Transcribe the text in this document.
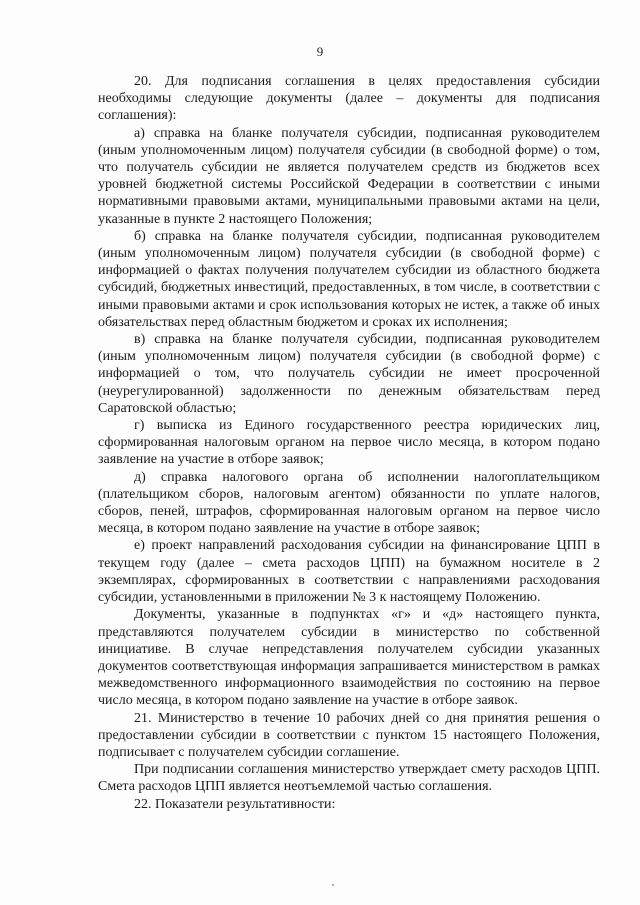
9

20. Для подписания соглашения в целях предоставления субсидии необходимы следующие документы (далее – документы для подписания соглашения):

а) справка на бланке получателя субсидии, подписанная руководителем (иным уполномоченным лицом) получателя субсидии (в свободной форме) о том, что получатель субсидии не является получателем средств из бюджетов всех уровней бюджетной системы Российской Федерации в соответствии с иными нормативными правовыми актами, муниципальными правовыми актами на цели, указанные в пункте 2 настоящего Положения;

б) справка на бланке получателя субсидии, подписанная руководителем (иным уполномоченным лицом) получателя субсидии (в свободной форме) с информацией о фактах получения получателем субсидии из областного бюджета субсидий, бюджетных инвестиций, предоставленных, в том числе, в соответствии с иными правовыми актами и срок использования которых не истек, а также об иных обязательствах перед областным бюджетом и сроках их исполнения;

в) справка на бланке получателя субсидии, подписанная руководителем (иным уполномоченным лицом) получателя субсидии (в свободной форме) с информацией о том, что получатель субсидии не имеет просроченной (неурегулированной) задолженности по денежным обязательствам перед Саратовской областью;

г) выписка из Единого государственного реестра юридических лиц, сформированная налоговым органом на первое число месяца, в котором подано заявление на участие в отборе заявок;

д) справка налогового органа об исполнении налогоплательщиком (плательщиком сборов, налоговым агентом) обязанности по уплате налогов, сборов, пеней, штрафов, сформированная налоговым органом на первое число месяца, в котором подано заявление на участие в отборе заявок;

е) проект направлений расходования субсидии на финансирование ЦПП в текущем году (далее – смета расходов ЦПП) на бумажном носителе в 2 экземплярах, сформированных в соответствии с направлениями расходования субсидии, установленными в приложении № 3 к настоящему Положению.

Документы, указанные в подпунктах «г» и «д» настоящего пункта, представляются получателем субсидии в министерство по собственной инициативе. В случае непредставления получателем субсидии указанных документов соответствующая информация запрашивается министерством в рамках межведомственного информационного взаимодействия по состоянию на первое число месяца, в котором подано заявление на участие в отборе заявок.

21. Министерство в течение 10 рабочих дней со дня принятия решения о предоставлении субсидии в соответствии с пунктом 15 настоящего Положения, подписывает с получателем субсидии соглашение.

При подписании соглашения министерство утверждает смету расходов ЦПП. Смета расходов ЦПП является неотъемлемой частью соглашения.

22. Показатели результативности:
